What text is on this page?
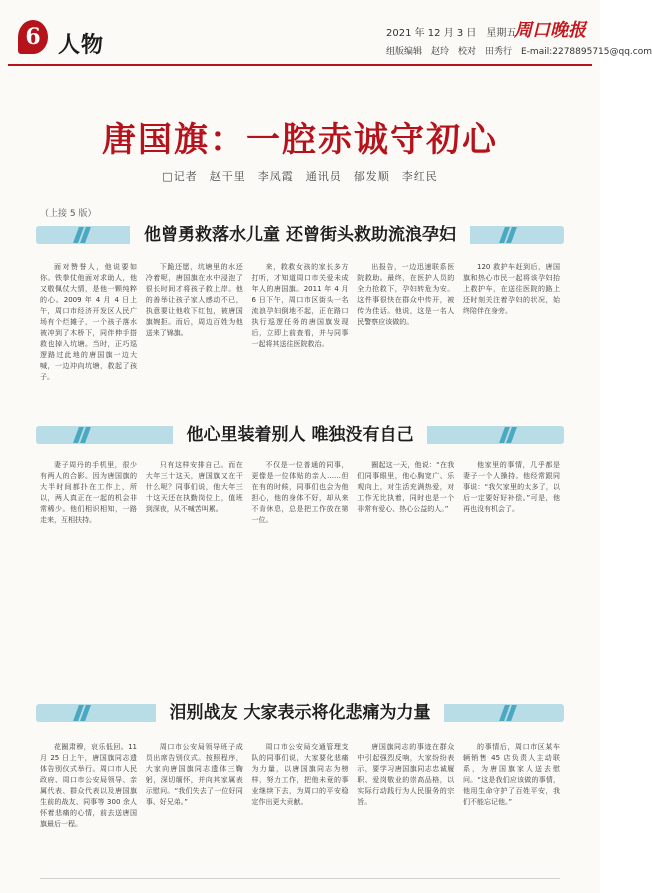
6 人物	2021 年 12 月 3 日　星期五
周口晚报
组版编辑　赵玲　校对　田秀行　E-mail:2278895715@qq.com
唐国旗：一腔赤诚守初心
□记者　赵干里　李凤霞　通讯员　郁发顺　李红民
（上接 5 版）
他曾勇救落水儿童 还曾街头救助流浪孕妇

面对赞誉人，他说要如你。铁拳仗他面对求助人，他又敬佩仗大情，是他一颗纯粹的心。2009 年 4 月 4 日上午，周口市经济开发区人民广场有个烂摊子，一个孩子落水被冲到了木桥下，同伴伸手搭救也掉入坑塘。当时，正巧巡逻路过此地的唐国旗一边大喊，一边冲向坑塘，救起了孩子。

下跪还愿，坑塘里的水还冷着呢，唐国旗在水中浸泡了很长时间才将孩子救上岸。他的善举让孩子家人感动不已，执意要让他收下红包，被唐国旗婉拒。而后，周边百姓为他送来了锦旗。

来，救救女孩的家长多方打听，才知道周口市关爱未成年人的唐国旗。2011 年 4 月 6 日下午，周口市区街头一名流浪孕妇倒地不起，正在路口执行巡逻任务的唐国旗发现后，立即上前查看，并与同事一起将其送往医院救治。

出报告，一边迅速联系医院救助。最终，在医护人员的全力抢救下，孕妇转危为安。这件事很快在群众中传开，被传为佳话。他说，这是一名人民警察应该做的。

120 救护车赶到后，唐国旗和热心市民一起将该孕妇抬上救护车，在送往医院的路上还时刻关注着孕妇的状况，始终陪伴在身旁。

他心里装着别人 唯独没有自己

妻子周丹的手机里，很少有两人的合影。因为唐国旗的大半时间都扑在工作上，所以，两人真正在一起的机会非常稀少。他们相识相知，一路走来，互相扶持。

只有这样安排自己。而在大年三十这天，唐国旗又在干什么呢？同事们说，他大年三十这天还在执勤岗位上，值班到深夜，从不喊苦叫累。

不仅是一位普通的同事，更像是一位体贴的亲人……但在有的时候，同事们也会为他担心，他的身体不好，却从来不肯休息，总是把工作放在第一位。

圈起这一天，他说：“在我们同事眼里，他心胸宽广、乐观向上，对生活充满热爱，对工作无比执着，同时也是一个非常有爱心、热心公益的人。”

他家里的事情，几乎都是妻子一个人操持。他经常跟同事说：“我欠家里的太多了，以后一定要好好补偿。”可是，他再也没有机会了。

泪别战友 大家表示将化悲痛为力量

花圈肃穆，哀乐低回。11 月 25 日上午，唐国旗同志遗体告别仪式举行。周口市人民政府、周口市公安局领导、亲属代表、群众代表以及唐国旗生前的战友、同事等 300 余人怀着悲痛的心情，前去送唐国旗最后一程。

周口市公安局领导班子成员出席告别仪式。按照程序，大家向唐国旗同志遗体三鞠躬，深切缅怀，并向其家属表示慰问。“我们失去了一位好同事、好兄弟。”

周口市公安局交通管理支队的同事们说，大家要化悲痛为力量，以唐国旗同志为榜样，努力工作，把他未竟的事业继续下去，为周口的平安稳定作出更大贡献。

唐国旗同志的事迹在群众中引起强烈反响，大家纷纷表示，要学习唐国旗同志忠诚履职、爱岗敬业的崇高品格，以实际行动践行为人民服务的宗旨。

的事情后，周口市区某车辆销售 45 店负责人主动联系，为唐国旗家人送去慰问。“这是我们应该做的事情，他用生命守护了百姓平安，我们不能忘记他。”
